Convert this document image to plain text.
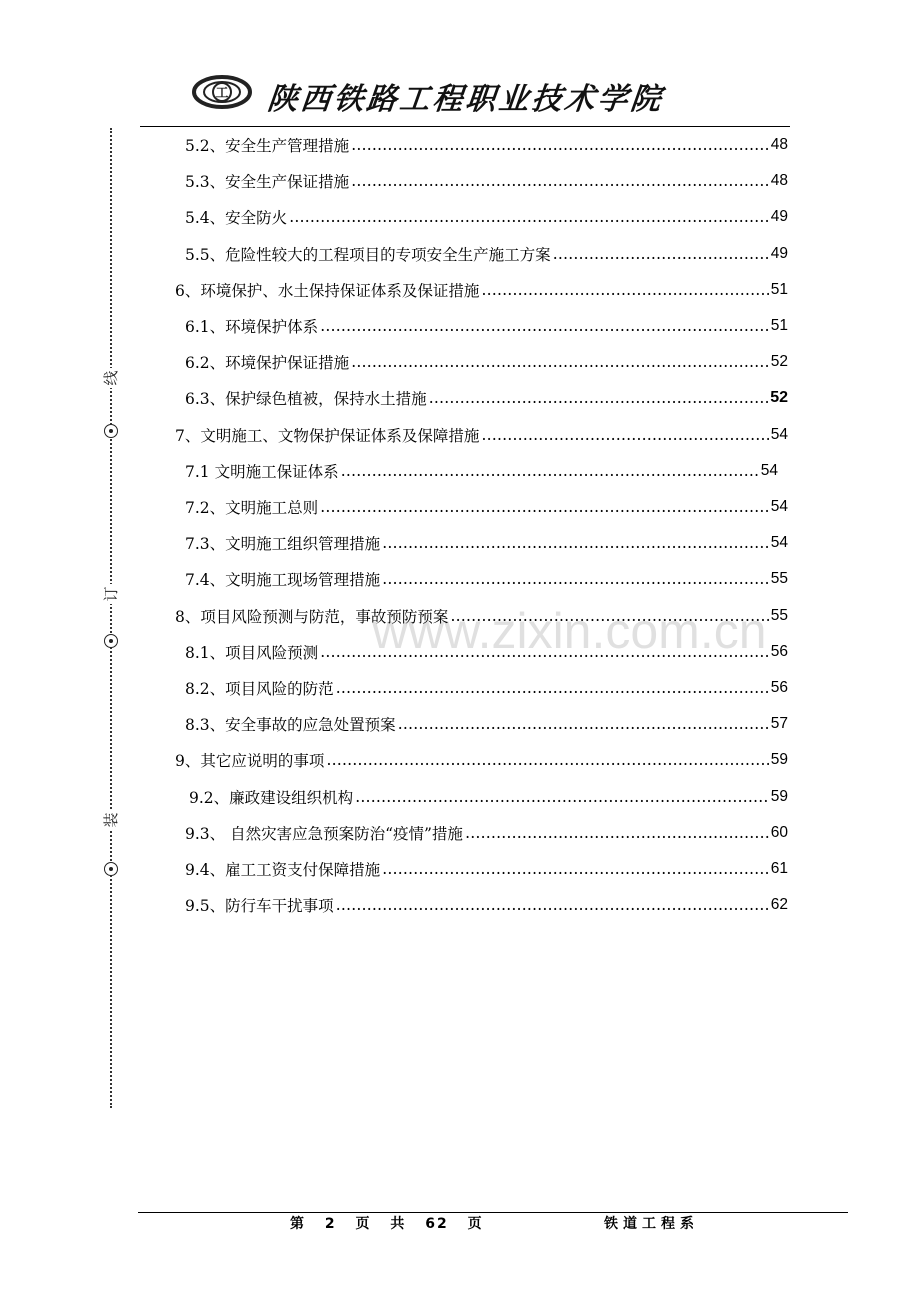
工 陕西铁路工程职业技术学院
线
订
装
5.2、安全生产管理措施 ……………………………………………………………………………………………………………………………………………………………………	48
5.3、安全生产保证措施 ……………………………………………………………………………………………………………………………………………………………………	48
5.4、安全防火 ……………………………………………………………………………………………………………………………………………………………………	49
5.5、危险性较大的工程项目的专项安全生产施工方案 ……………………………………………………………………………………………………………………………………………………………………	49
6、环境保护、水土保持保证体系及保证措施 ……………………………………………………………………………………………………………………………………………………………………	51
6.1、环境保护体系 ……………………………………………………………………………………………………………………………………………………………………	51
6.2、环境保护保证措施 ……………………………………………………………………………………………………………………………………………………………………	52
6.3、保护绿色植被，保持水土措施 ……………………………………………………………………………………………………………………………………………………………………	52
7、文明施工、文物保护保证体系及保障措施 ……………………………………………………………………………………………………………………………………………………………………	54
7.1 文明施工保证体系 ……………………………………………………………………………………………………………………………………………………………………	54
7.2、文明施工总则 ……………………………………………………………………………………………………………………………………………………………………	54
7.3、文明施工组织管理措施 ……………………………………………………………………………………………………………………………………………………………………	54
7.4、文明施工现场管理措施 ……………………………………………………………………………………………………………………………………………………………………	55
8、项目风险预测与防范，事故预防预案 ……………………………………………………………………………………………………………………………………………………………………	55
8.1、项目风险预测 ……………………………………………………………………………………………………………………………………………………………………	56
8.2、项目风险的防范 ……………………………………………………………………………………………………………………………………………………………………	56
8.3、安全事故的应急处置预案 ……………………………………………………………………………………………………………………………………………………………………	57
9、其它应说明的事项 ……………………………………………………………………………………………………………………………………………………………………	59
9.2、廉政建设组织机构 ……………………………………………………………………………………………………………………………………………………………………	59
9.3、 自然灾害应急预案防治“疫情”措施 ……………………………………………………………………………………………………………………………………………………………………	60
9.4、雇工工资支付保障措施 ……………………………………………………………………………………………………………………………………………………………………	61
9.5、防行车干扰事项 ……………………………………………………………………………………………………………………………………………………………………	62
www.zixin.com.cn
第 2 页 共 62 页	铁道工程系
